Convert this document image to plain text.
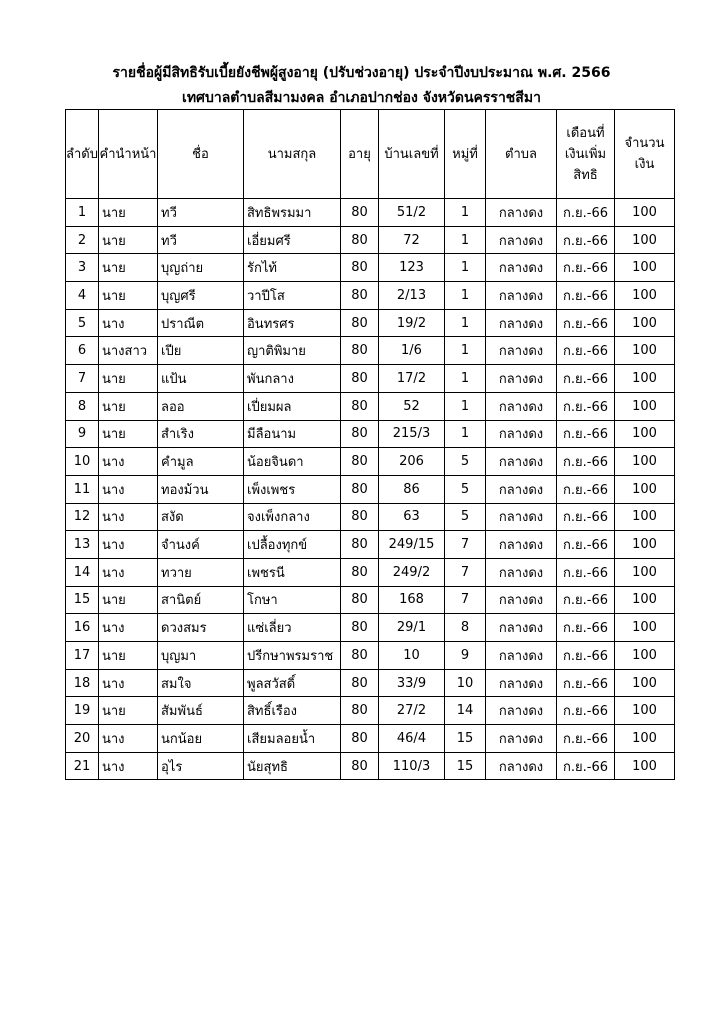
รายชื่อผู้มีสิทธิรับเบี้ยยังชีพผู้สูงอายุ (ปรับช่วงอายุ) ประจำปีงบประมาณ พ.ศ. 2566
เทศบาลตำบลสีมามงคล อำเภอปากช่อง จังหวัดนครราชสีมา
ลำดับ	คำนำหน้า	ชื่อ	นามสกุล	อายุ	บ้านเลขที่	หมู่ที่	ตำบล	เดือนที่เงินเพิ่มสิทธิ	จำนวนเงิน
1	นาย	ทวี	สิทธิพรมมา	80	51/2	1	กลางดง	ก.ย.-66	100
2	นาย	ทวี	เอี่ยมศรี	80	72	1	กลางดง	ก.ย.-66	100
3	นาย	บุญถ่าย	รักไท้	80	123	1	กลางดง	ก.ย.-66	100
4	นาย	บุญศรี	วาปีโส	80	2/13	1	กลางดง	ก.ย.-66	100
5	นาง	ปราณีต	อินทรศร	80	19/2	1	กลางดง	ก.ย.-66	100
6	นางสาว	เปีย	ญาติพิมาย	80	1/6	1	กลางดง	ก.ย.-66	100
7	นาย	แป้น	พันกลาง	80	17/2	1	กลางดง	ก.ย.-66	100
8	นาย	ลออ	เปี่ยมผล	80	52	1	กลางดง	ก.ย.-66	100
9	นาย	สำเริง	มีลือนาม	80	215/3	1	กลางดง	ก.ย.-66	100
10	นาง	คำมูล	น้อยจินดา	80	206	5	กลางดง	ก.ย.-66	100
11	นาง	ทองม้วน	เพ็งเพชร	80	86	5	กลางดง	ก.ย.-66	100
12	นาง	สงัด	จงเพ็งกลาง	80	63	5	กลางดง	ก.ย.-66	100
13	นาง	จำนงค์	เปลื้องทุกข์	80	249/15	7	กลางดง	ก.ย.-66	100
14	นาง	ทวาย	เพชรนี	80	249/2	7	กลางดง	ก.ย.-66	100
15	นาย	สานิตย์	โกษา	80	168	7	กลางดง	ก.ย.-66	100
16	นาง	ดวงสมร	แซ่เลี่ยว	80	29/1	8	กลางดง	ก.ย.-66	100
17	นาย	บุญมา	ปรีกษาพรมราช	80	10	9	กลางดง	ก.ย.-66	100
18	นาง	สมใจ	พูลสวัสดิ์	80	33/9	10	กลางดง	ก.ย.-66	100
19	นาย	สัมพันธ์	สิทธิ์เรือง	80	27/2	14	กลางดง	ก.ย.-66	100
20	นาง	นกน้อย	เสียมลอยน้ำ	80	46/4	15	กลางดง	ก.ย.-66	100
21	นาง	อุไร	นัยสุทธิ	80	110/3	15	กลางดง	ก.ย.-66	100
